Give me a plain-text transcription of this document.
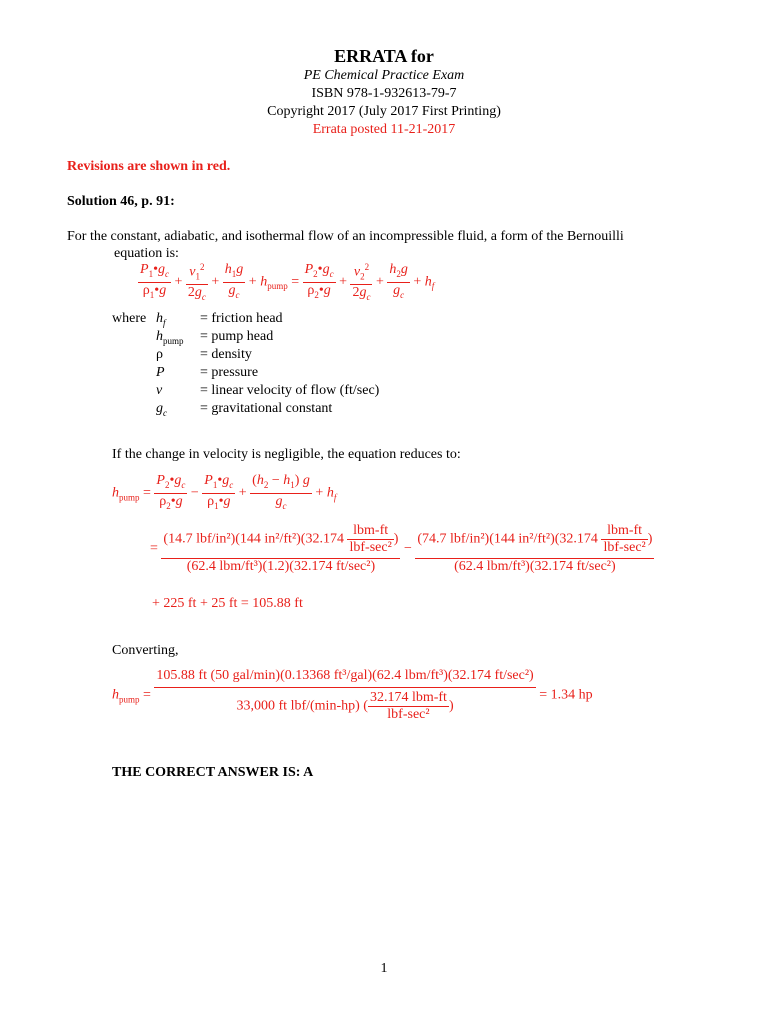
ERRATA for
PE Chemical Practice Exam
ISBN 978-1-932613-79-7
Copyright 2017 (July 2017 First Printing)
Errata posted 11-21-2017
Revisions are shown in red.
Solution 46, p. 91:
For the constant, adiabatic, and isothermal flow of an incompressible fluid, a form of the Bernouilli
equation is:
$\frac{P_1•g_c}{\rho_1•g} + \frac{v_1^2}{2g_c} + \frac{h_1g}{g_c} + h_{pump} = \frac{P_2•g_c}{\rho_2•g} + \frac{v_2^2}{2g_c} + \frac{h_2g}{g_c} + h_f$
where	$h_f$	= friction head
	$h_{pump}$	= pump head
	ρ	= density
	P	= pressure
	v	= linear velocity of flow (ft/sec)
	$g_c$	= gravitational constant
If the change in velocity is negligible, the equation reduces to:
$h_{pump} = \frac{P_2•g_c}{\rho_2•g} - \frac{P_1•g_c}{\rho_1•g} + \frac{(h_2 - h_1) g}{g_c} + h_f$
= $\frac{(14.7 lbf/in^2)(144 in^2/ft^2)(32.174 \frac{\text{lbm-ft}}{\text{lbf-sec²}} )}{\text{(62.4 lbm/ft³)(1.2)(32.174 ft/sec²)}} - \frac{(74.7 lbf/in^2)(144 in^2/ft^2)(32.174 \frac{\text{lbm-ft}}{\text{lbf-sec²}} )}{\text{(62.4 lbm/ft³)(32.174 ft/sec²)}}$
+ 225 ft + 25 ft = 105.88 ft
Converting,
$h_{pump}$ =
105.88 ft (50 gal/min)(0.13368 ft³/gal)(62.4 lbm/ft³)(32.174 ft/sec²)
33,000 ft lbf/(min-hp) ( $\frac{\text{32.174 lbm-ft}}{\text{lbf-sec²}}$ )
= 1.34 hp
THE CORRECT ANSWER IS: A
1
